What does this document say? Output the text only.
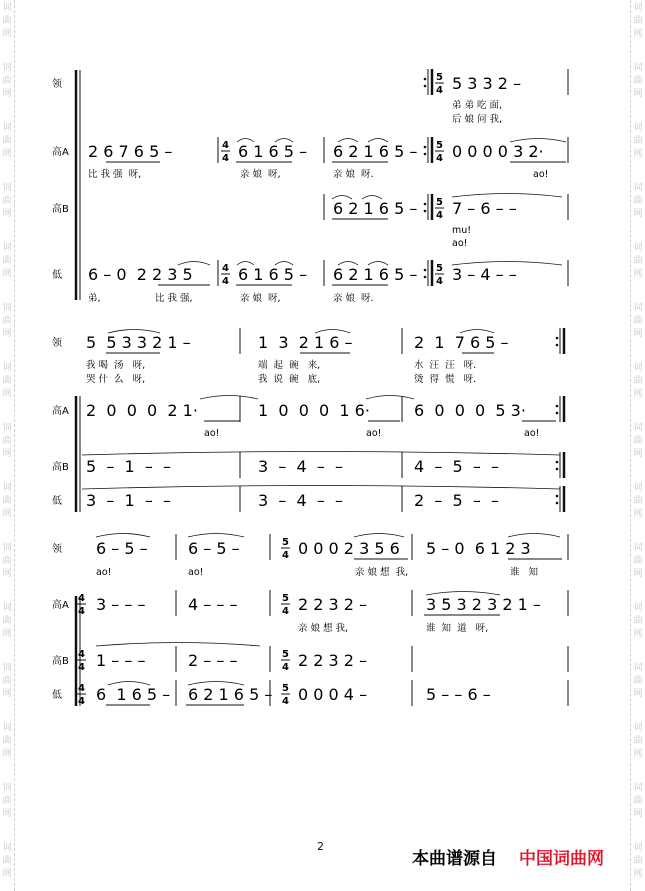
领
5
4 5 3 3 2 –
弟 弟 吃 面,
后 娘 问 我,
高A
4
4
5
4
2 6 7 6 5 –	6 1 6 5 – 6 2 1 6 5 – 0 0 0 0 3 2·
比 我 强  呀,	亲 娘  呀,	亲 娘  呀.	ao!
高B
5
4
6 2 1 6 5 – 7 – 6 – –
mu!
ao!
低
4
4
5
4
6 – 0  2 2 3 5	6 1 6 5 – 6 2 1 6 5 – 3 – 4 – –
弟,	比 我 强,	亲 娘  呀,	亲 娘  呀.
领 5  5 3 3 2 1 –	1  3  2 1 6 –	2  1  7 6 5 –
我 喝  汤   呀,	端  起  碗   来,	水  汪  汪   呀.
哭 什  么   呀,	我  说  碗   底,	烫  得  慌   呀.
高A 2  0  0  0  2 1·	1  0  0  0  1 6·	6  0  0  0  5 3·
ao!	ao!	ao!
高B 5  –  1  –  –	3  –  4  –  –	4  –  5  –  –
低 3  –  1  –  –	3  –  4  –  –	2  –  5  –  –
领
5
4
6 – 5 –	6 – 5 –	0 0 0 2 3 5 6 5 – 0  6 1 2 3
ao!	ao!	亲 娘 想  我,	谁   知
高A
4
4
5
4
3 – – –	4 – – –	2 2 3 2 –	3 5 3 2 3 2 1 –
亲 娘 想 我,	谁  知  道   呀,
高B
4
4
5
4
1 – – –	2 – – –	2 2 3 2 –
低
4
4
5
4
6  1 6 5 – 6 2 1 6 5 – 0 0 0 4 –	5 – – 6 –
2
本曲谱源自 中国词曲网
词
曲
网
词
曲
网
词
曲
网
词
曲
网
词
曲
网
词
曲
网
词
曲
网
词
曲
网
词
曲
网
词
曲
网
词
曲
网
词
曲
网
词
曲
网
词
曲
网
词
曲
网
词
曲
网
词
曲
网
词
曲
网
词
曲
网
词
曲
网
词
曲
网
词
曲
网
词
曲
网
词
曲
网
词
曲
网
词
曲
网
词
曲
网
词
曲
网
词
曲
网
词
曲
网
